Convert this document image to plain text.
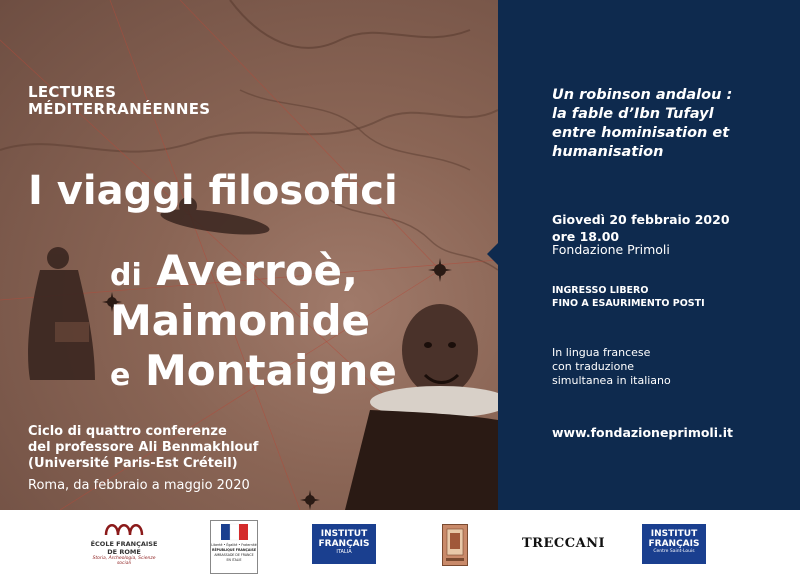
LECTURES
MÉDITERRANÉENNES
I viaggi filosofici
di Averroè,
Maimonide
e Montaigne
Ciclo di quattro conferenze
del professore Ali Benmakhlouf
(Université Paris-Est Créteil)
Roma, da febbraio a maggio 2020
Un robinson andalou :
la fable d’Ibn Tufayl
entre hominisation et
humanisation
Giovedì 20 febbraio 2020
ore 18.00
Fondazione Primoli
INGRESSO LIBERO
FINO A ESAURIMENTO POSTI
In lingua francese
con traduzione
simultanea in italiano
www.fondazioneprimoli.it
ÉCOLE FRANÇAISE
DE ROME
Storia, Archeologia, Scienze sociali
Liberté • Égalité • Fraternité
RÉPUBLIQUE FRANÇAISE
AMBASSADE DE FRANCE
EN ITALIE
INSTITUT
FRANÇAIS
ITALIA
TRECCANI
INSTITUT
FRANÇAIS
Centre Saint-Louis
